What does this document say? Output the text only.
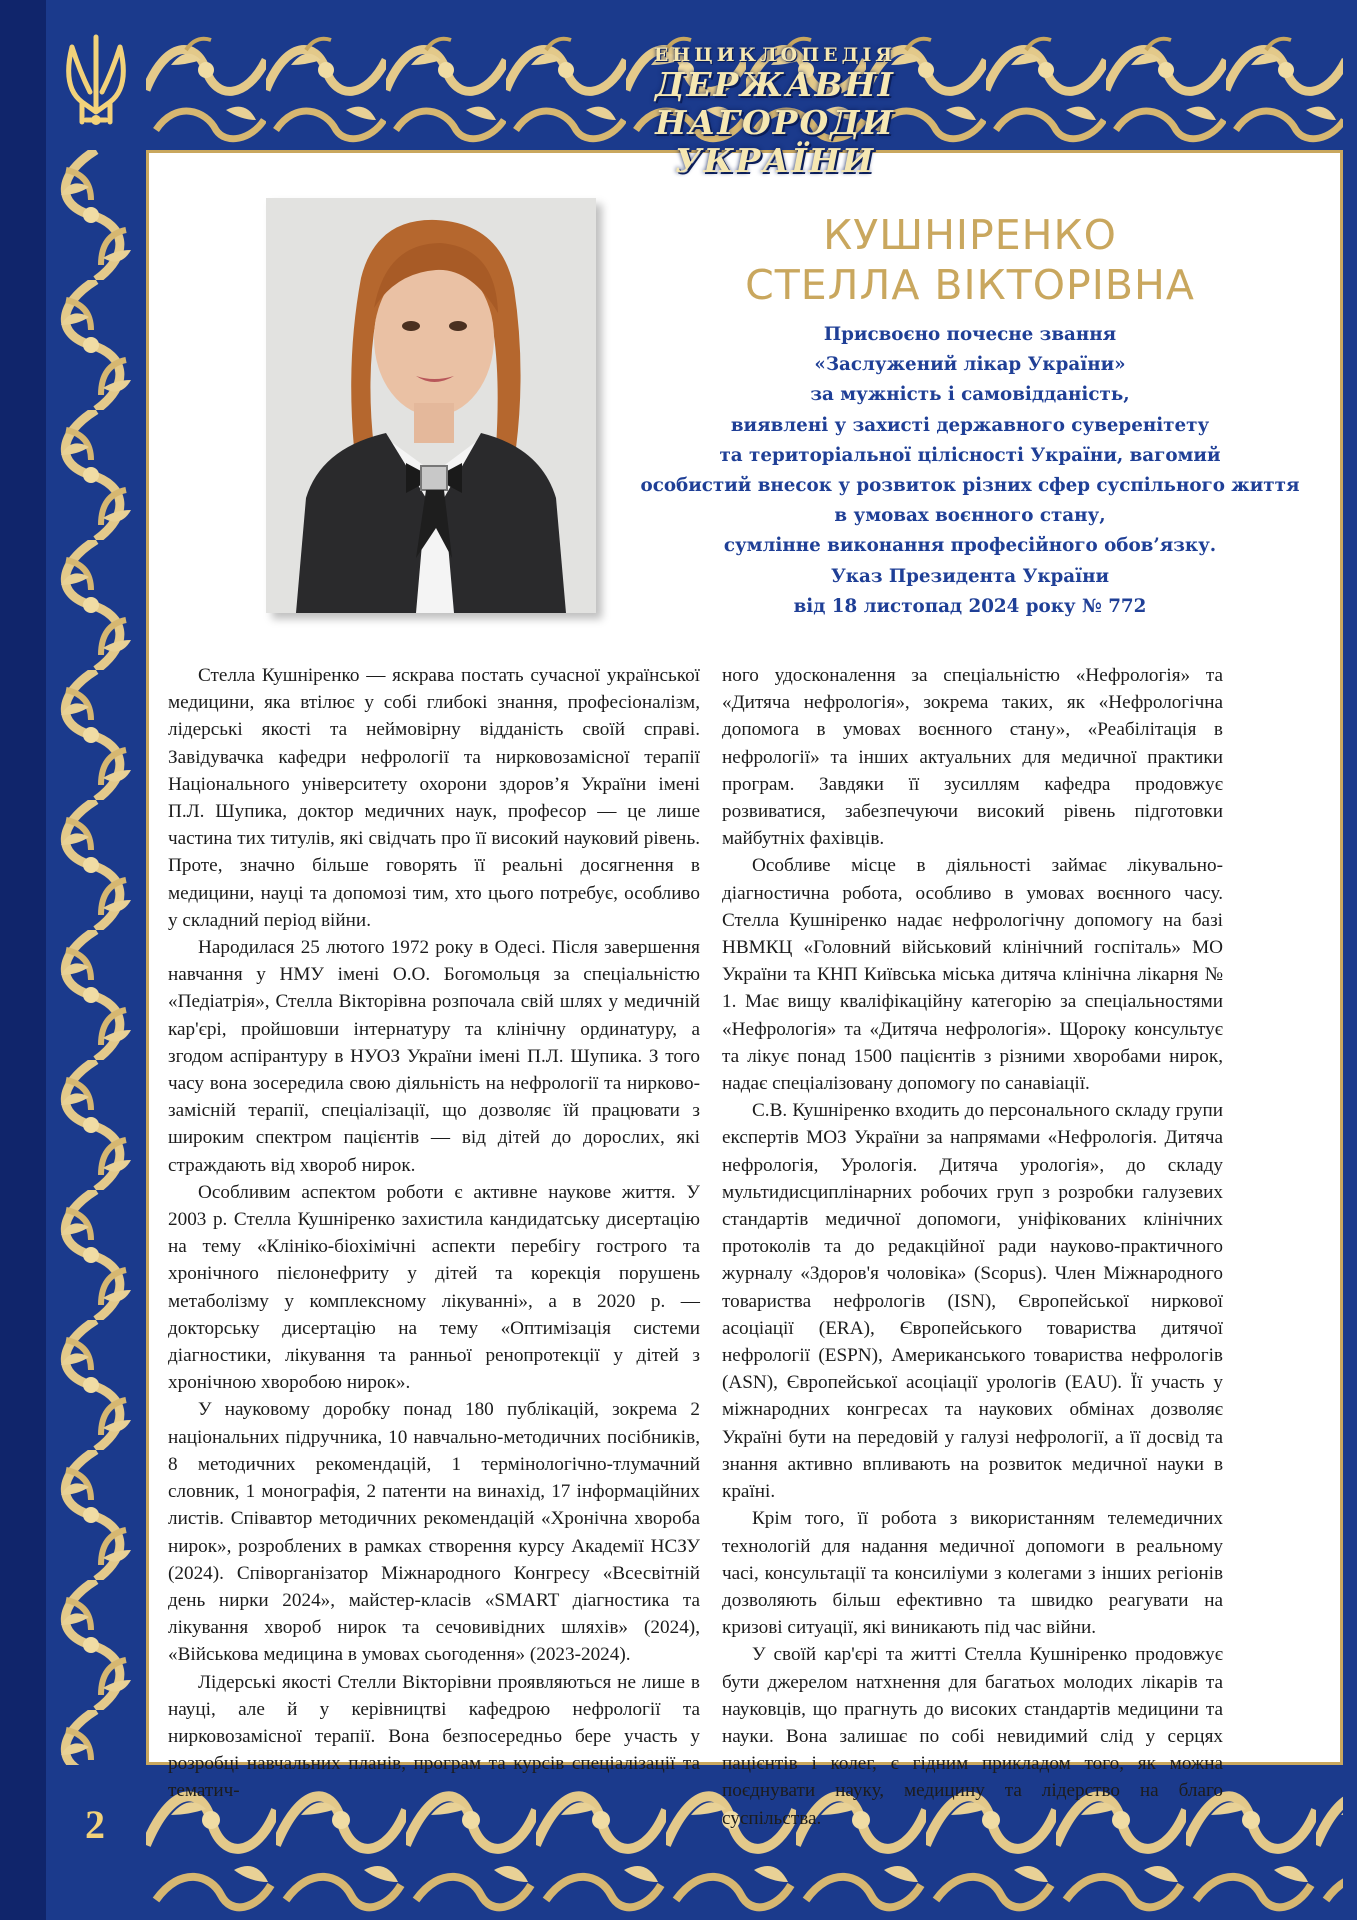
ЕНЦИКЛОПЕДІЯ
ДЕРЖАВНІ НАГОРОДИ
УКРАЇНИ
2
КУШНІРЕНКО
СТЕЛЛА ВІКТОРІВНА
Присвоєно почесне звання
«Заслужений лікар України»
за мужність і самовідданість,
виявлені у захисті державного суверенітету
та територіальної цілісності України, вагомий
особистий внесок у розвиток різних сфер суспільного життя
в умовах воєнного стану,
сумлінне виконання професійного обов’язку.
Указ Президента України
від 18 листопад 2024 року № 772

Стелла Кушніренко — яскрава постать сучасної української медицини, яка втілює у собі глибокі знання, професіоналізм, лідерські якості та неймовірну відданість своїй справі. Завідувачка кафедри нефрології та нирковозамісної терапії Національного університету охорони здоров’я України імені П.Л. Шупика, доктор медичних наук, професор — це лише частина тих титулів, які свідчать про її високий науковий рівень. Проте, значно більше говорять її реальні досягнення в медицини, науці та допомозі тим, хто цього потребує, особливо у складний період війни.

Народилася 25 лютого 1972 року в Одесі. Після завершення навчання у НМУ імені О.О. Богомольця за спеціальністю «Педіатрія», Стелла Вікторівна розпочала свій шлях у медичній кар'єрі, пройшовши інтернатуру та клінічну ординатуру, а згодом аспірантуру в НУОЗ України імені П.Л. Шупика. З того часу вона зосередила свою діяльність на нефрології та нирково-замісній терапії, спеціалізації, що дозволяє їй працювати з широким спектром пацієнтів — від дітей до дорослих, які страждають від хвороб нирок.

Особливим аспектом роботи є активне наукове життя. У 2003 р. Стелла Кушніренко захистила кандидатську дисертацію на тему «Клініко-біохімічні аспекти перебігу гострого та хронічного пієлонефриту у дітей та корекція порушень метаболізму у комплексному лікуванні», а в 2020 р. — докторську дисертацію на тему «Оптимізація системи діагностики, лікування та ранньої ренопротекції у дітей з хронічною хворобою нирок».

У науковому доробку понад 180 публікацій, зокрема 2 національних підручника, 10 навчально-методичних посібників, 8 методичних рекомендацій, 1 термінологічно-тлумачний словник, 1 монографія, 2 патенти на винахід, 17 інформаційних листів. Співавтор методичних рекомендацій «Хронічна хвороба нирок», розроблених в рамках створення курсу Академії НСЗУ (2024). Співорганізатор Міжнародного Конгресу «Всесвітній день нирки 2024», майстер-класів «SMART діагностика та лікування хвороб нирок та сечовивідних шляхів» (2024), «Військова медицина в умовах сьогодення» (2023-2024).

Лідерські якості Стелли Вікторівни проявляються не лише в науці, але й у керівництві кафедрою нефрології та нирковозамісної терапії. Вона безпосередньо бере участь у розробці навчальних планів, програм та курсів спеціалізації та тематич-

ного удосконалення за спеціальністю «Нефрологія» та «Дитяча нефрологія», зокрема таких, як «Нефрологічна допомога в умовах воєнного стану», «Реабілітація в нефрології» та інших актуальних для медичної практики програм. Завдяки її зусиллям кафедра продовжує розвиватися, забезпечуючи високий рівень підготовки майбутніх фахівців.

Особливе місце в діяльності займає лікувально-діагностична робота, особливо в умовах воєнного часу. Стелла Кушніренко надає нефрологічну допомогу на базі НВМКЦ «Головний військовий клінічний госпіталь» МО України та КНП Київська міська дитяча клінічна лікарня № 1. Має вищу кваліфікаційну категорію за спеціальностями «Нефрологія» та «Дитяча нефрологія». Щороку консультує та лікує понад 1500 пацієнтів з різними хворобами нирок, надає спеціалізовану допомогу по санавіації.

С.В. Кушніренко входить до персонального складу групи експертів МОЗ України за напрямами «Нефрологія. Дитяча нефрологія, Урологія. Дитяча урологія», до складу мультидисциплінарних робочих груп з розробки галузевих стандартів медичної допомоги, уніфікованих клінічних протоколів та до редакційної ради науково-практичного журналу «Здоров'я чоловіка» (Scopus). Член Міжнародного товариства нефрологів (ISN), Європейської ниркової асоціації (ERA), Європейського товариства дитячої нефрології (ESPN), Американського товариства нефрологів (ASN), Європейської асоціації урологів (EAU). Її участь у міжнародних конгресах та наукових обмінах дозволяє Україні бути на передовій у галузі нефрології, а її досвід та знання активно впливають на розвиток медичної науки в країні.

Крім того, її робота з використанням телемедичних технологій для надання медичної допомоги в реальному часі, консультації та консиліуми з колегами з інших регіонів дозволяють більш ефективно та швидко реагувати на кризові ситуації, які виникають під час війни.

У своїй кар'єрі та житті Стелла Кушніренко продовжує бути джерелом натхнення для багатьох молодих лікарів та науковців, що прагнуть до високих стандартів медицини та науки. Вона залишає по собі невидимий слід у серцях пацієнтів і колег, є гідним прикладом того, як можна поєднувати науку, медицину та лідерство на благо суспільства.
